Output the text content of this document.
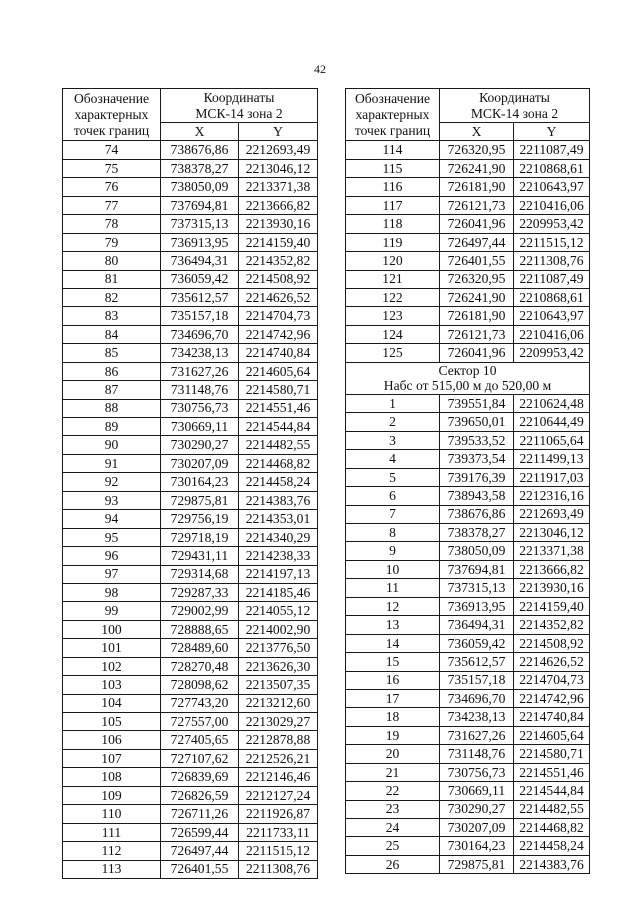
42
Обозначение
характерных
точек границ	Координаты
МСК-14 зона 2	
	X	Y
74	738676,86	2212693,49
75	738378,27	2213046,12
76	738050,09	2213371,38
77	737694,81	2213666,82
78	737315,13	2213930,16
79	736913,95	2214159,40
80	736494,31	2214352,82
81	736059,42	2214508,92
82	735612,57	2214626,52
83	735157,18	2214704,73
84	734696,70	2214742,96
85	734238,13	2214740,84
86	731627,26	2214605,64
87	731148,76	2214580,71
88	730756,73	2214551,46
89	730669,11	2214544,84
90	730290,27	2214482,55
91	730207,09	2214468,82
92	730164,23	2214458,24
93	729875,81	2214383,76
94	729756,19	2214353,01
95	729718,19	2214340,29
96	729431,11	2214238,33
97	729314,68	2214197,13
98	729287,33	2214185,46
99	729002,99	2214055,12
100	728888,65	2214002,90
101	728489,60	2213776,50
102	728270,48	2213626,30
103	728098,62	2213507,35
104	727743,20	2213212,60
105	727557,00	2213029,27
106	727405,65	2212878,88
107	727107,62	2212526,21
108	726839,69	2212146,46
109	726826,59	2212127,24
110	726711,26	2211926,87
111	726599,44	2211733,11
112	726497,44	2211515,12
113	726401,55	2211308,76
Обозначение
характерных
точек границ	Координаты
МСК-14 зона 2	
	X	Y
114	726320,95	2211087,49
115	726241,90	2210868,61
116	726181,90	2210643,97
117	726121,73	2210416,06
118	726041,96	2209953,42
119	726497,44	2211515,12
120	726401,55	2211308,76
121	726320,95	2211087,49
122	726241,90	2210868,61
123	726181,90	2210643,97
124	726121,73	2210416,06
125	726041,96	2209953,42
Сектор 10
Набс от 515,00 м до 520,00 м		
1	739551,84	2210624,48
2	739650,01	2210644,49
3	739533,52	2211065,64
4	739373,54	2211499,13
5	739176,39	2211917,03
6	738943,58	2212316,16
7	738676,86	2212693,49
8	738378,27	2213046,12
9	738050,09	2213371,38
10	737694,81	2213666,82
11	737315,13	2213930,16
12	736913,95	2214159,40
13	736494,31	2214352,82
14	736059,42	2214508,92
15	735612,57	2214626,52
16	735157,18	2214704,73
17	734696,70	2214742,96
18	734238,13	2214740,84
19	731627,26	2214605,64
20	731148,76	2214580,71
21	730756,73	2214551,46
22	730669,11	2214544,84
23	730290,27	2214482,55
24	730207,09	2214468,82
25	730164,23	2214458,24
26	729875,81	2214383,76
